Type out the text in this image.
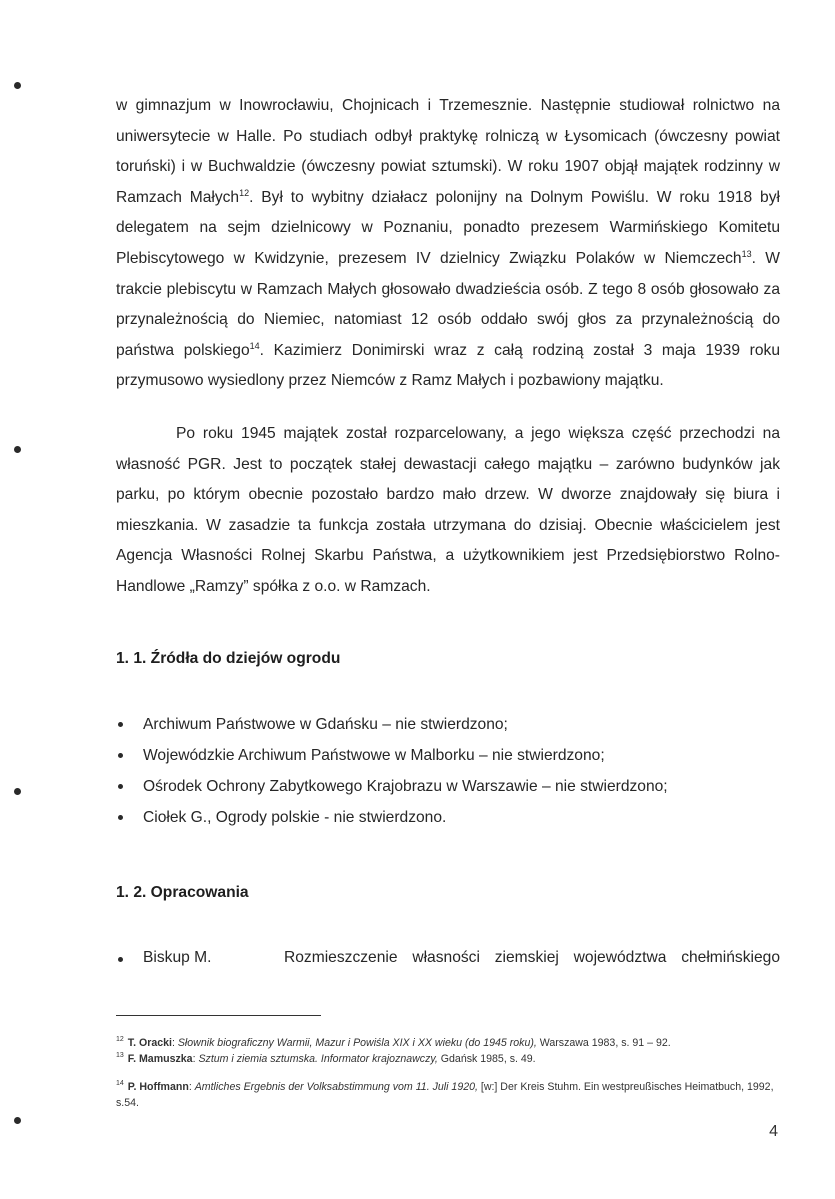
w gimnazjum w Inowrocławiu, Chojnicach i Trzemesznie. Następnie studiował rolnictwo na uniwersytecie w Halle. Po studiach odbył praktykę rolniczą w Łysomicach (ówczesny powiat toruński) i w Buchwaldzie (ówczesny powiat sztumski). W roku 1907 objął majątek rodzinny w Ramzach Małych$^{12}$. Był to wybitny działacz polonijny na Dolnym Powiślu. W roku 1918 był delegatem na sejm dzielnicowy w Poznaniu, ponadto prezesem Warmińskiego Komitetu Plebiscytowego w Kwidzynie, prezesem IV dzielnicy Związku Polaków w Niemczech$^{13}$. W trakcie plebiscytu w Ramzach Małych głosowało dwadzieścia osób. Z tego 8 osób głosowało za przynależnością do Niemiec, natomiast 12 osób oddało swój głos za przynależnością do państwa polskiego$^{14}$. Kazimierz Donimirski wraz z całą rodziną został 3 maja 1939 roku przymusowo wysiedlony przez Niemców z Ramz Małych i pozbawiony majątku.

Po roku 1945 majątek został rozparcelowany, a jego większa część przechodzi na własność PGR. Jest to początek stałej dewastacji całego majątku – zarówno budynków jak parku, po którym obecnie pozostało bardzo mało drzew. W dworze znajdowały się biura i mieszkania. W zasadzie ta funkcja została utrzymana do dzisiaj. Obecnie właścicielem jest Agencja Własności Rolnej Skarbu Państwa, a użytkownikiem jest Przedsiębiorstwo Rolno-Handlowe „Ramzy” spółka z o.o. w Ramzach.

1. 1. Źródła do dziejów ogrodu
Archiwum Państwowe w Gdańsku – nie stwierdzono;
Wojewódzkie Archiwum Państwowe w Malborku – nie stwierdzono;
Ośrodek Ochrony Zabytkowego Krajobrazu w Warszawie – nie stwierdzono;
Ciołek G., Ogrody polskie - nie stwierdzono.
1. 2. Opracowania
Biskup M.	Rozmieszczenie własności ziemskiej województwa chełmińskiego

$^{12}$ T. Oracki: Słownik biograficzny Warmii, Mazur i Powiśla XIX i XX wieku (do 1945 roku), Warszawa 1983, s. 91 – 92.

$^{13}$ F. Mamuszka: Sztum i ziemia sztumska. Informator krajoznawczy, Gdańsk 1985, s. 49.

$^{14}$ P. Hoffmann: Amtliches Ergebnis der Volksabstimmung vom 11. Juli 1920, [w:] Der Kreis Stuhm. Ein westpreußisches Heimatbuch, 1992, s.54.

4
